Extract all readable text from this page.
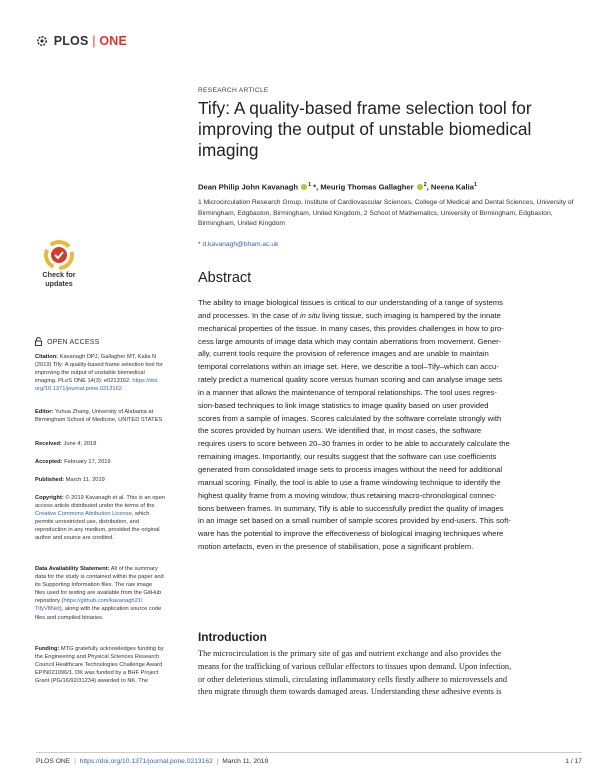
PLOS | ONE
RESEARCH ARTICLE
Tify: A quality-based frame selection tool for improving the output of unstable biomedical imaging
Dean Philip John Kavanagh $^1$ *, Meurig Thomas Gallagher $^2$, Neena Kalia$^1$
1 Microcirculation Research Group, Institute of Cardiovascular Sciences, College of Medical and Dental Sciences, University of Birmingham, Edgbaston, Birmingham, United Kingdom, 2 School of Mathematics, University of Birmingham, Edgbaston, Birmingham, United Kingdom
* d.kavanagh@bham.ac.uk
Abstract
The ability to image biological tissues is critical to our understanding of a range of systems
and processes. In the case of in situ living tissue, such imaging is hampered by the innate
mechanical properties of the tissue. In many cases, this provides challenges in how to pro-
cess large amounts of image data which may contain aberrations from movement. Gener-
ally, current tools require the provision of reference images and are unable to maintain
temporal correlations within an image set. Here, we describe a tool–Tify–which can accu-
rately predict a numerical quality score versus human scoring and can analyse image sets
in a manner that allows the maintenance of temporal relationships. The tool uses regres-
sion-based techniques to link image statistics to image quality based on user provided
scores from a sample of images. Scores calculated by the software correlate strongly with
the scores provided by human users. We identified that, in most cases, the software
requires users to score between 20–30 frames in order to be able to accurately calculate the
remaining images. Importantly, our results suggest that the software can use coefficients
generated from consolidated image sets to process images without the need for additional
manual scoring. Finally, the tool is able to use a frame windowing technique to identify the
highest quality frame from a moving window, thus retaining macro-chronological connec-
tions between frames. In summary, Tify is able to successfully predict the quality of images
in an image set based on a small number of sample scores provided by end-users. This soft-
ware has the potential to improve the effectiveness of biological imaging techniques where
motion artefacts, even in the presence of stabilisation, pose a significant problem.
Introduction
The microcirculation is the primary site of gas and nutrient exchange and also provides the
means for the trafficking of various cellular effectors to tissues upon demand. Upon infection,
or other deleterious stimuli, circulating inflammatory cells firstly adhere to microvessels and
then migrate through them towards damaged areas. Understanding these adhesive events is
Check for
updates
OPEN ACCESS
Citation: Kavanagh DPJ, Gallagher MT, Kalia N
(2019) Tify: A quality-based frame selection tool for
improving the output of unstable biomedical
imaging. PLoS ONE 14(3): e0213162. https://doi.
org/10.1371/journal.pone.0213162
Editor: Yuhua Zhang, University of Alabama at
Birmingham School of Medicine, UNITED STATES
Received: June 4, 2018
Accepted: February 17, 2019
Published: March 11, 2019
Copyright: © 2019 Kavanagh et al. This is an open
access article distributed under the terms of the
Creative Commons Attribution License, which
permits unrestricted use, distribution, and
reproduction in any medium, provided the original
author and source are credited.
Data Availability Statement: All of the summary
data for the study is contained within the paper and
its Supporting Information files. The raw image
files used for testing are available from the GitHub
repository (https://github.com/kavanagh21/
TifyV8Net), along with the application source code
files and compiled binaries.
Funding: MTG gratefully acknowledges funding by
the Engineering and Physical Sciences Research
Council Healthcare Technologies Challenge Award
EP/N021096/1. DK was funded by a BHF Project
Grant (PG/16/92/31234) awarded to NK. The
PLOS ONE | https://doi.org/10.1371/journal.pone.0213162 | March 11, 2019	1 / 17
